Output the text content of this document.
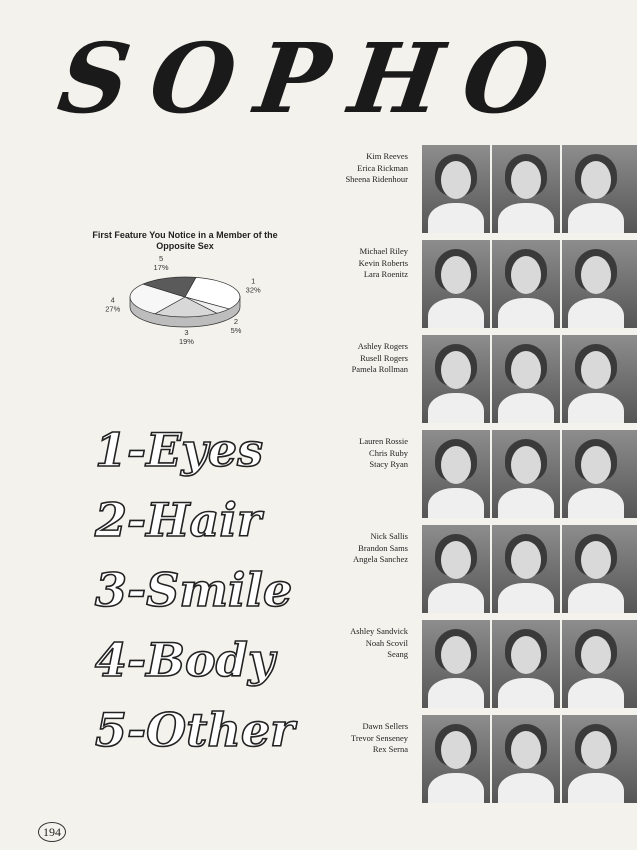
SOPHO
First Feature You Notice in a Member of the Opposite Sex
1
32%
2
5%
3
19%
4
27%
5
17%
1-Eyes
2-Hair
3-Smile
4-Body
5-Other
Kim Reeves
Erica Rickman
Sheena Ridenhour
Michael Riley
Kevin Roberts
Lara Roenitz
Ashley Rogers
Rusell Rogers
Pamela Rollman
Lauren Rossie
Chris Ruby
Stacy Ryan
Nick Sallis
Brandon Sams
Angela Sanchez
Ashley Sandvick
Noah Scovil
Seang
Dawn Sellers
Trevor Senseney
Rex Serna
194
